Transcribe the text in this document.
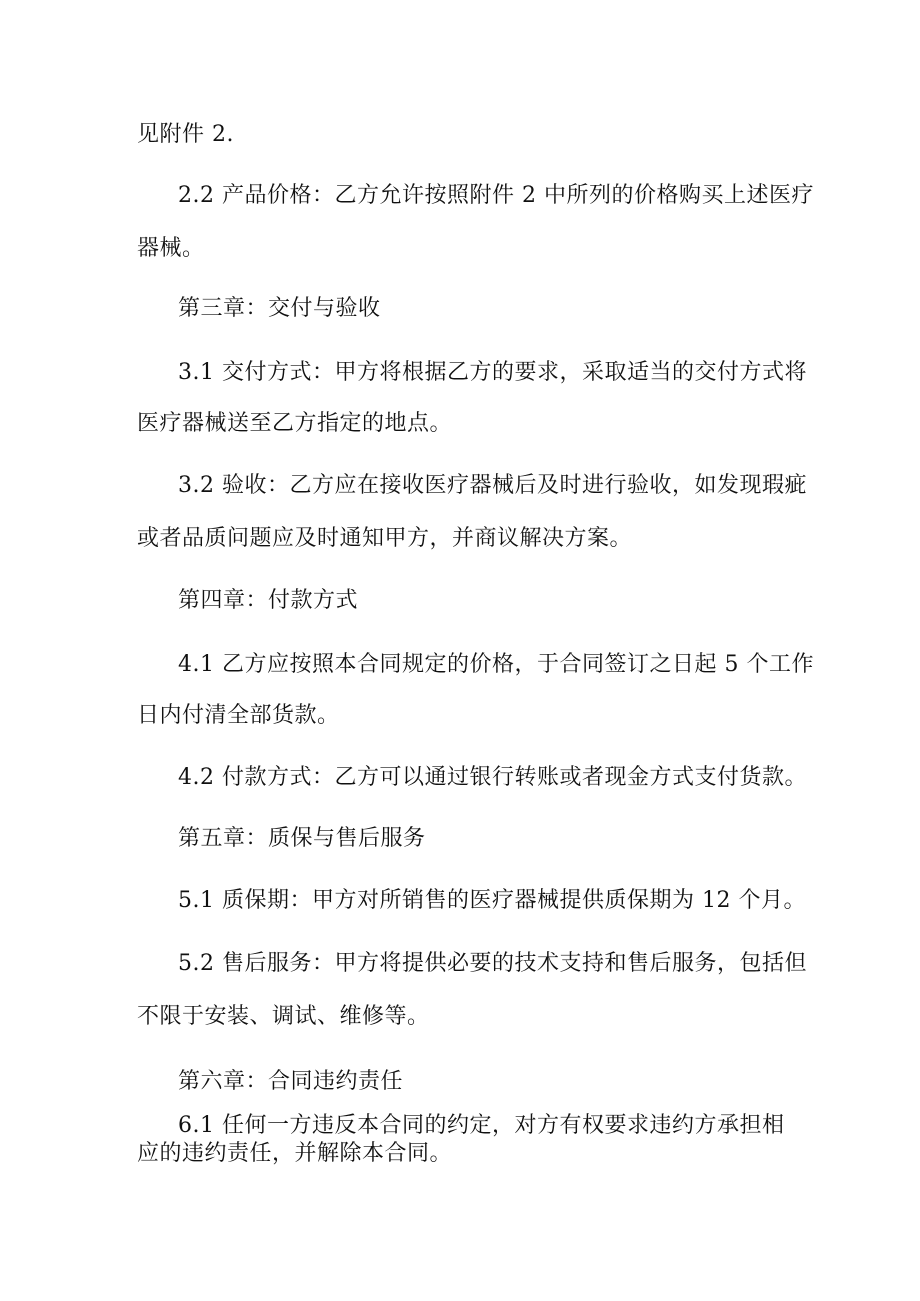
见附件 2.
2.2 产品价格：乙方允许按照附件 2 中所列的价格购买上述医疗
器械。
第三章：交付与验收
3.1 交付方式：甲方将根据乙方的要求，采取适当的交付方式将
医疗器械送至乙方指定的地点。
3.2 验收：乙方应在接收医疗器械后及时进行验收，如发现瑕疵
或者品质问题应及时通知甲方，并商议解决方案。
第四章：付款方式
4.1 乙方应按照本合同规定的价格，于合同签订之日起 5 个工作
日内付清全部货款。
4.2 付款方式：乙方可以通过银行转账或者现金方式支付货款。
第五章：质保与售后服务
5.1 质保期：甲方对所销售的医疗器械提供质保期为 12 个月。
5.2 售后服务：甲方将提供必要的技术支持和售后服务，包括但
不限于安装、调试、维修等。
第六章：合同违约责任
6.1 任何一方违反本合同的约定，对方有权要求违约方承担相
应的违约责任，并解除本合同。
